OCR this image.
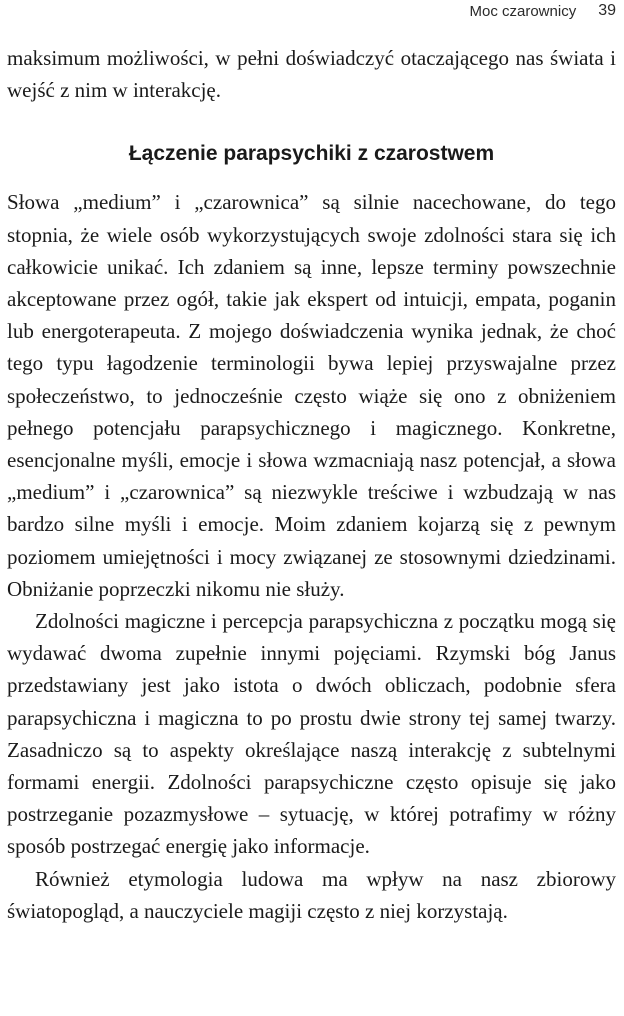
Moc czarownicy 39

maksimum możliwości, w pełni doświadczyć otaczającego nas świata i wejść z nim w interakcję.

Łączenie parapsychiki z czarostwem

Słowa „medium” i „czarownica” są silnie nacechowane, do tego stopnia, że wiele osób wykorzystujących swoje zdolności stara się ich całkowicie unikać. Ich zdaniem są inne, lepsze terminy powszechnie akceptowane przez ogół, takie jak ekspert od intuicji, empata, poganin lub energoterapeuta. Z mojego doświadczenia wynika jednak, że choć tego typu łagodzenie terminologii bywa lepiej przyswajalne przez społeczeństwo, to jednocześnie często wiąże się ono z obniżeniem pełnego potencjału parapsychicznego i magicznego. Konkretne, esencjonalne myśli, emocje i słowa wzmacniają nasz potencjał, a słowa „medium” i „czarownica” są niezwykle treściwe i wzbudzają w nas bardzo silne myśli i emocje. Moim zdaniem kojarzą się z pewnym poziomem umiejętności i mocy związanej ze stosownymi dziedzinami. Obniżanie poprzeczki nikomu nie służy.

Zdolności magiczne i percepcja parapsychiczna z początku mogą się wydawać dwoma zupełnie innymi pojęciami. Rzymski bóg Janus przedstawiany jest jako istota o dwóch obliczach, podobnie sfera parapsychiczna i magiczna to po prostu dwie strony tej samej twarzy. Zasadniczo są to aspekty określające naszą interakcję z subtelnymi formami energii. Zdolności parapsychiczne często opisuje się jako postrzeganie pozazmysłowe – sytuację, w której potrafimy w różny sposób postrzegać energię jako informacje.

Również etymologia ludowa ma wpływ na nasz zbiorowy światopogląd, a nauczyciele magiji często z niej korzystają.
